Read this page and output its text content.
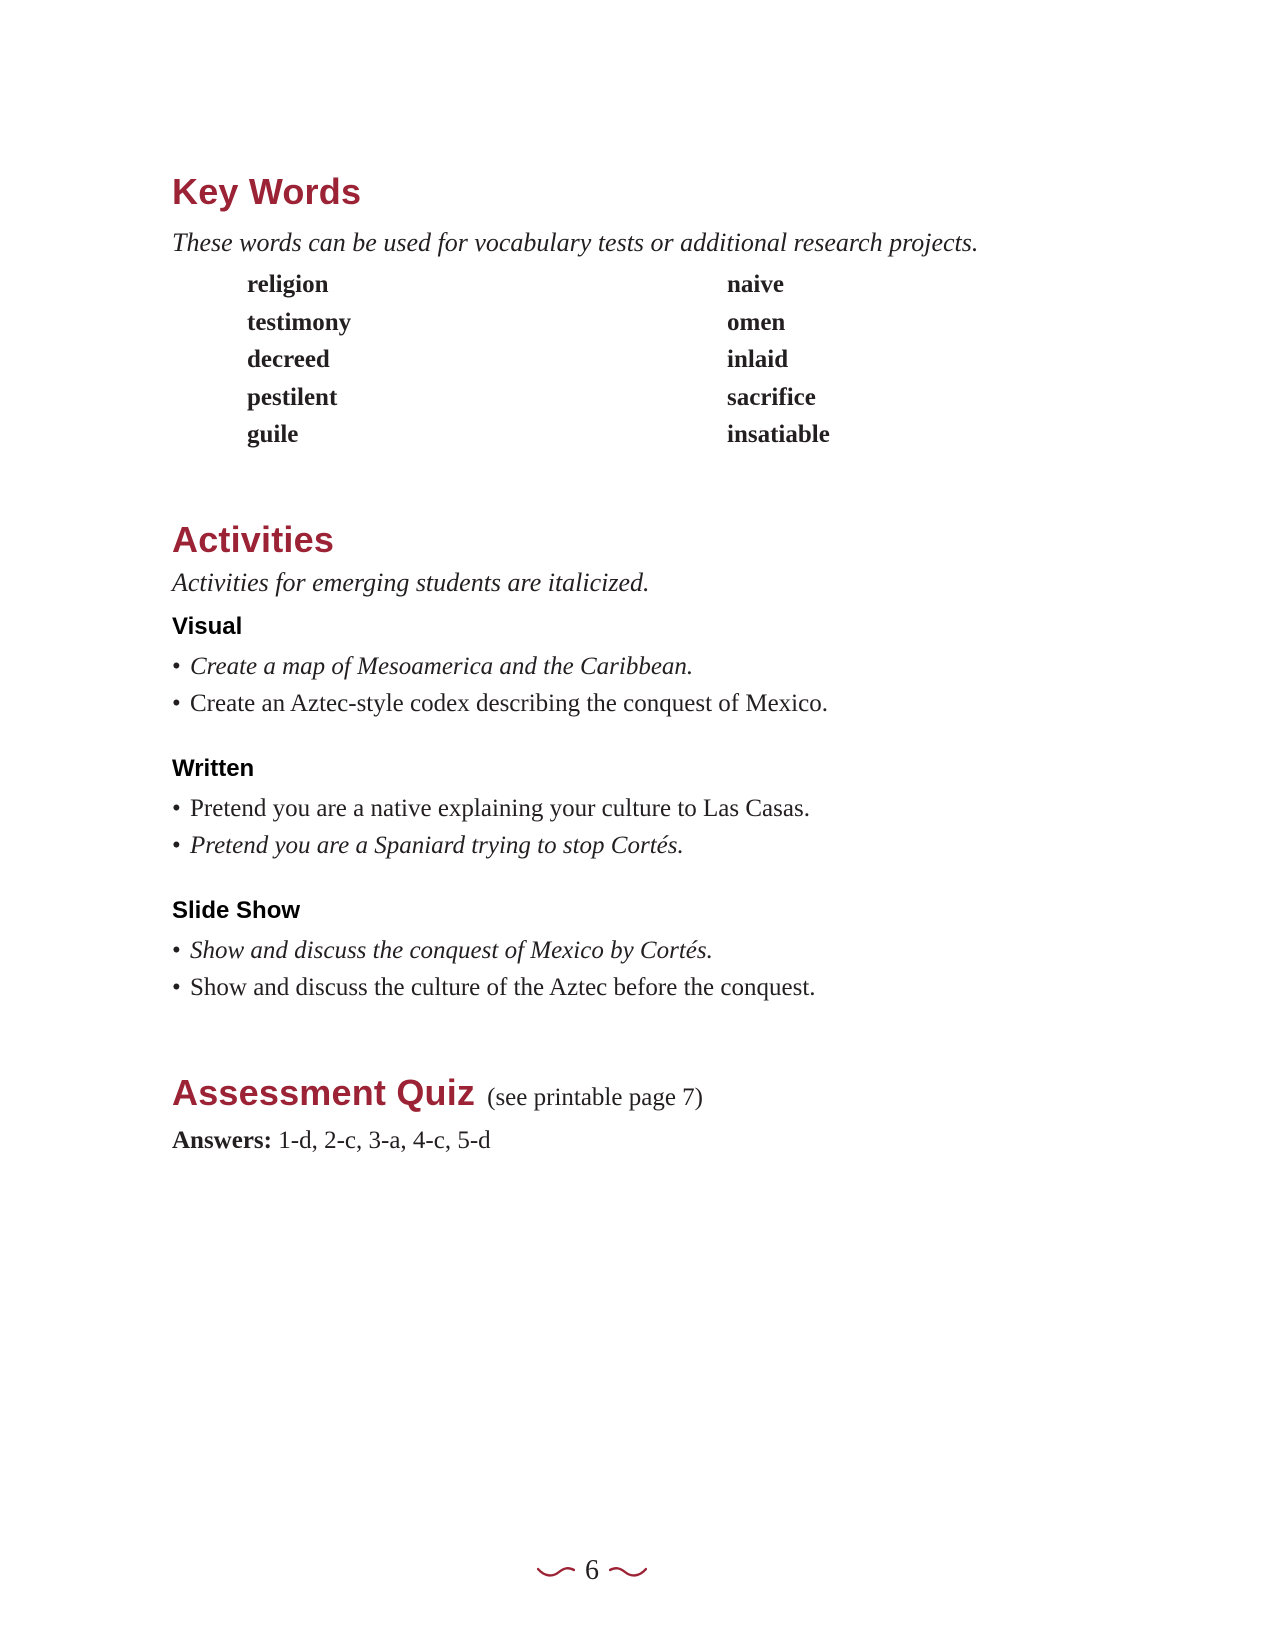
Key Words

These words can be used for vocabulary tests or additional research projects.

religion
testimony
decreed
pestilent
guile
naive
omen
inlaid
sacrifice
insatiable
Activities

Activities for emerging students are italicized.

Visual
• Create a map of Mesoamerica and the Caribbean.
• Create an Aztec-style codex describing the conquest of Mexico.
Written
• Pretend you are a native explaining your culture to Las Casas.
• Pretend you are a Spaniard trying to stop Cortés.
Slide Show
• Show and discuss the conquest of Mexico by Cortés.
• Show and discuss the culture of the Aztec before the conquest.
Assessment Quiz (see printable page 7)
Answers: 1-d, 2-c, 3-a, 4-c, 5-d
6
